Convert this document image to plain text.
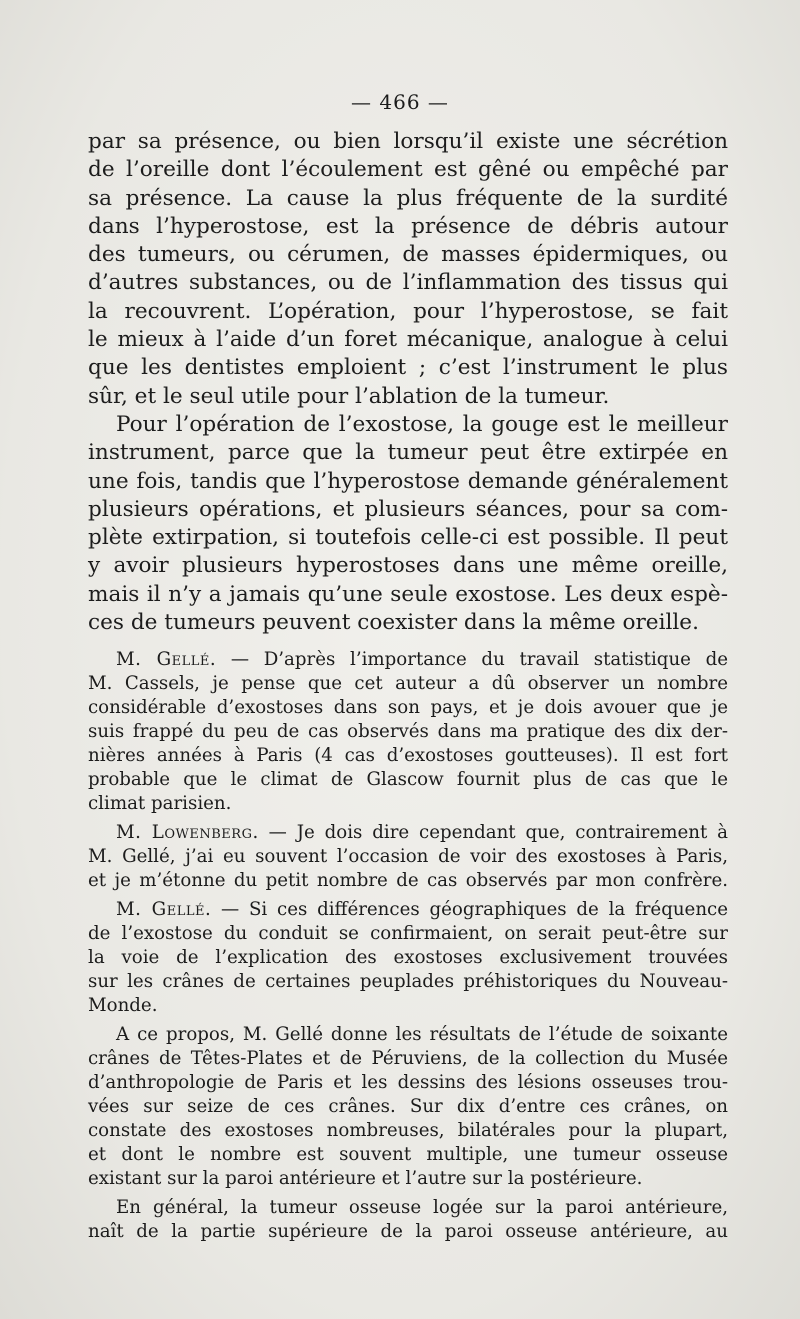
— 466 —

par sa présence, ou bien lorsqu’il existe une sécrétion
de l’oreille dont l’écoulement est gêné ou empêché par
sa présence. La cause la plus fréquente de la surdité
dans l’hyperostose, est la présence de débris autour
des tumeurs, ou cérumen, de masses épidermiques, ou
d’autres substances, ou de l’inflammation des tissus qui
la recouvrent. L’opération, pour l’hyperostose, se fait
le mieux à l’aide d’un foret mécanique, analogue à celui
que les dentistes emploient ; c’est l’instrument le plus
sûr, et le seul utile pour l’ablation de la tumeur.

Pour l’opération de l’exostose, la gouge est le meilleur
instrument, parce que la tumeur peut être extirpée en
une fois, tandis que l’hyperostose demande généralement
plusieurs opérations, et plusieurs séances, pour sa com-
plète extirpation, si toutefois celle-ci est possible. Il peut
y avoir plusieurs hyperostoses dans une même oreille,
mais il n’y a jamais qu’une seule exostose. Les deux espè-
ces de tumeurs peuvent coexister dans la même oreille.

M. Gellé. — D’après l’importance du travail statistique de
M. Cassels, je pense que cet auteur a dû observer un nombre
considérable d’exostoses dans son pays, et je dois avouer que je
suis frappé du peu de cas observés dans ma pratique des dix der-
nières années à Paris (4 cas d’exostoses goutteuses). Il est fort
probable que le climat de Glascow fournit plus de cas que le
climat parisien.

M. Lowenberg. — Je dois dire cependant que, contrairement à
M. Gellé, j’ai eu souvent l’occasion de voir des exostoses à Paris,
et je m’étonne du petit nombre de cas observés par mon confrère.

M. Gellé. — Si ces différences géographiques de la fréquence
de l’exostose du conduit se confirmaient, on serait peut-être sur
la voie de l’explication des exostoses exclusivement trouvées
sur les crânes de certaines peuplades préhistoriques du Nouveau-
Monde.

A ce propos, M. Gellé donne les résultats de l’étude de soixante
crânes de Têtes-Plates et de Péruviens, de la collection du Musée
d’anthropologie de Paris et les dessins des lésions osseuses trou-
vées sur seize de ces crânes. Sur dix d’entre ces crânes, on
constate des exostoses nombreuses, bilatérales pour la plupart,
et dont le nombre est souvent multiple, une tumeur osseuse
existant sur la paroi antérieure et l’autre sur la postérieure.

En général, la tumeur osseuse logée sur la paroi antérieure,
naît de la partie supérieure de la paroi osseuse antérieure, au
